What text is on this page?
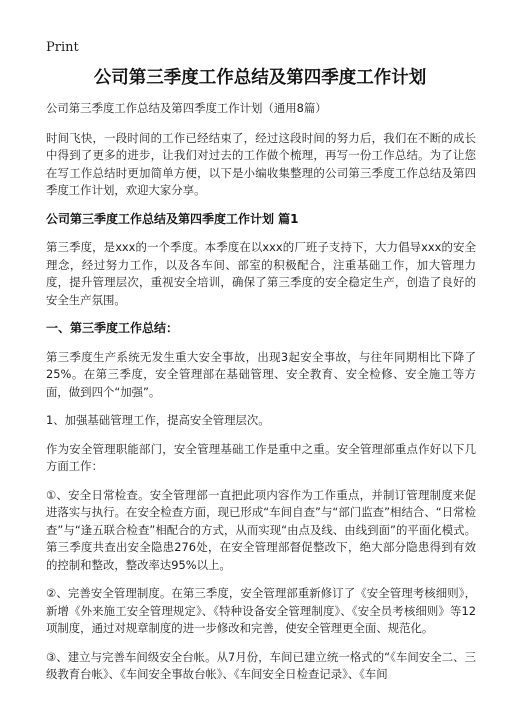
Print
公司第三季度工作总结及第四季度工作计划

公司第三季度工作总结及第四季度工作计划（通用8篇）

时间飞快，一段时间的工作已经结束了，经过这段时间的努力后，我们在不断的成长中得到了更多的进步，让我们对过去的工作做个梳理，再写一份工作总结。为了让您在写工作总结时更加简单方便，以下是小编收集整理的公司第三季度工作总结及第四季度工作计划，欢迎大家分享。

公司第三季度工作总结及第四季度工作计划 篇1

第三季度，是xxx的一个季度。本季度在以xxx的厂班子支持下，大力倡导xxx的安全理念，经过努力工作，以及各车间、部室的积极配合，注重基础工作，加大管理力度，提升管理层次，重视安全培训，确保了第三季度的安全稳定生产，创造了良好的安全生产氛围。

一、第三季度工作总结：

第三季度生产系统无发生重大安全事故，出现3起安全事故，与往年同期相比下降了25%。在第三季度，安全管理部在基础管理、安全教育、安全检修、安全施工等方面，做到四个“加强”。

1、加强基础管理工作，提高安全管理层次。

作为安全管理职能部门，安全管理基础工作是重中之重。安全管理部重点作好以下几方面工作：

①、安全日常检查。安全管理部一直把此项内容作为工作重点，并制订管理制度来促进落实与执行。在安全检查方面，现已形成“车间自查”与“部门监查”相结合、“日常检查”与“逢五联合检查”相配合的方式，从而实现“由点及线、由线到面”的平面化模式。第三季度共查出安全隐患276处，在安全管理部督促整改下，绝大部分隐患得到有效的控制和整改，整改率达95%以上。

②、完善安全管理制度。在第三季度，安全管理部重新修订了《安全管理考核细则》，新增《外来施工安全管理规定》、《特种设备安全管理制度》、《安全员考核细则》等12项制度，通过对规章制度的进一步修改和完善，使安全管理更全面、规范化。

③、建立与完善车间级安全台帐。从7月份，车间已建立统一格式的“《车间安全二、三级教育台帐》、《车间安全事故台帐》、《车间安全日检查记录》、《车间
